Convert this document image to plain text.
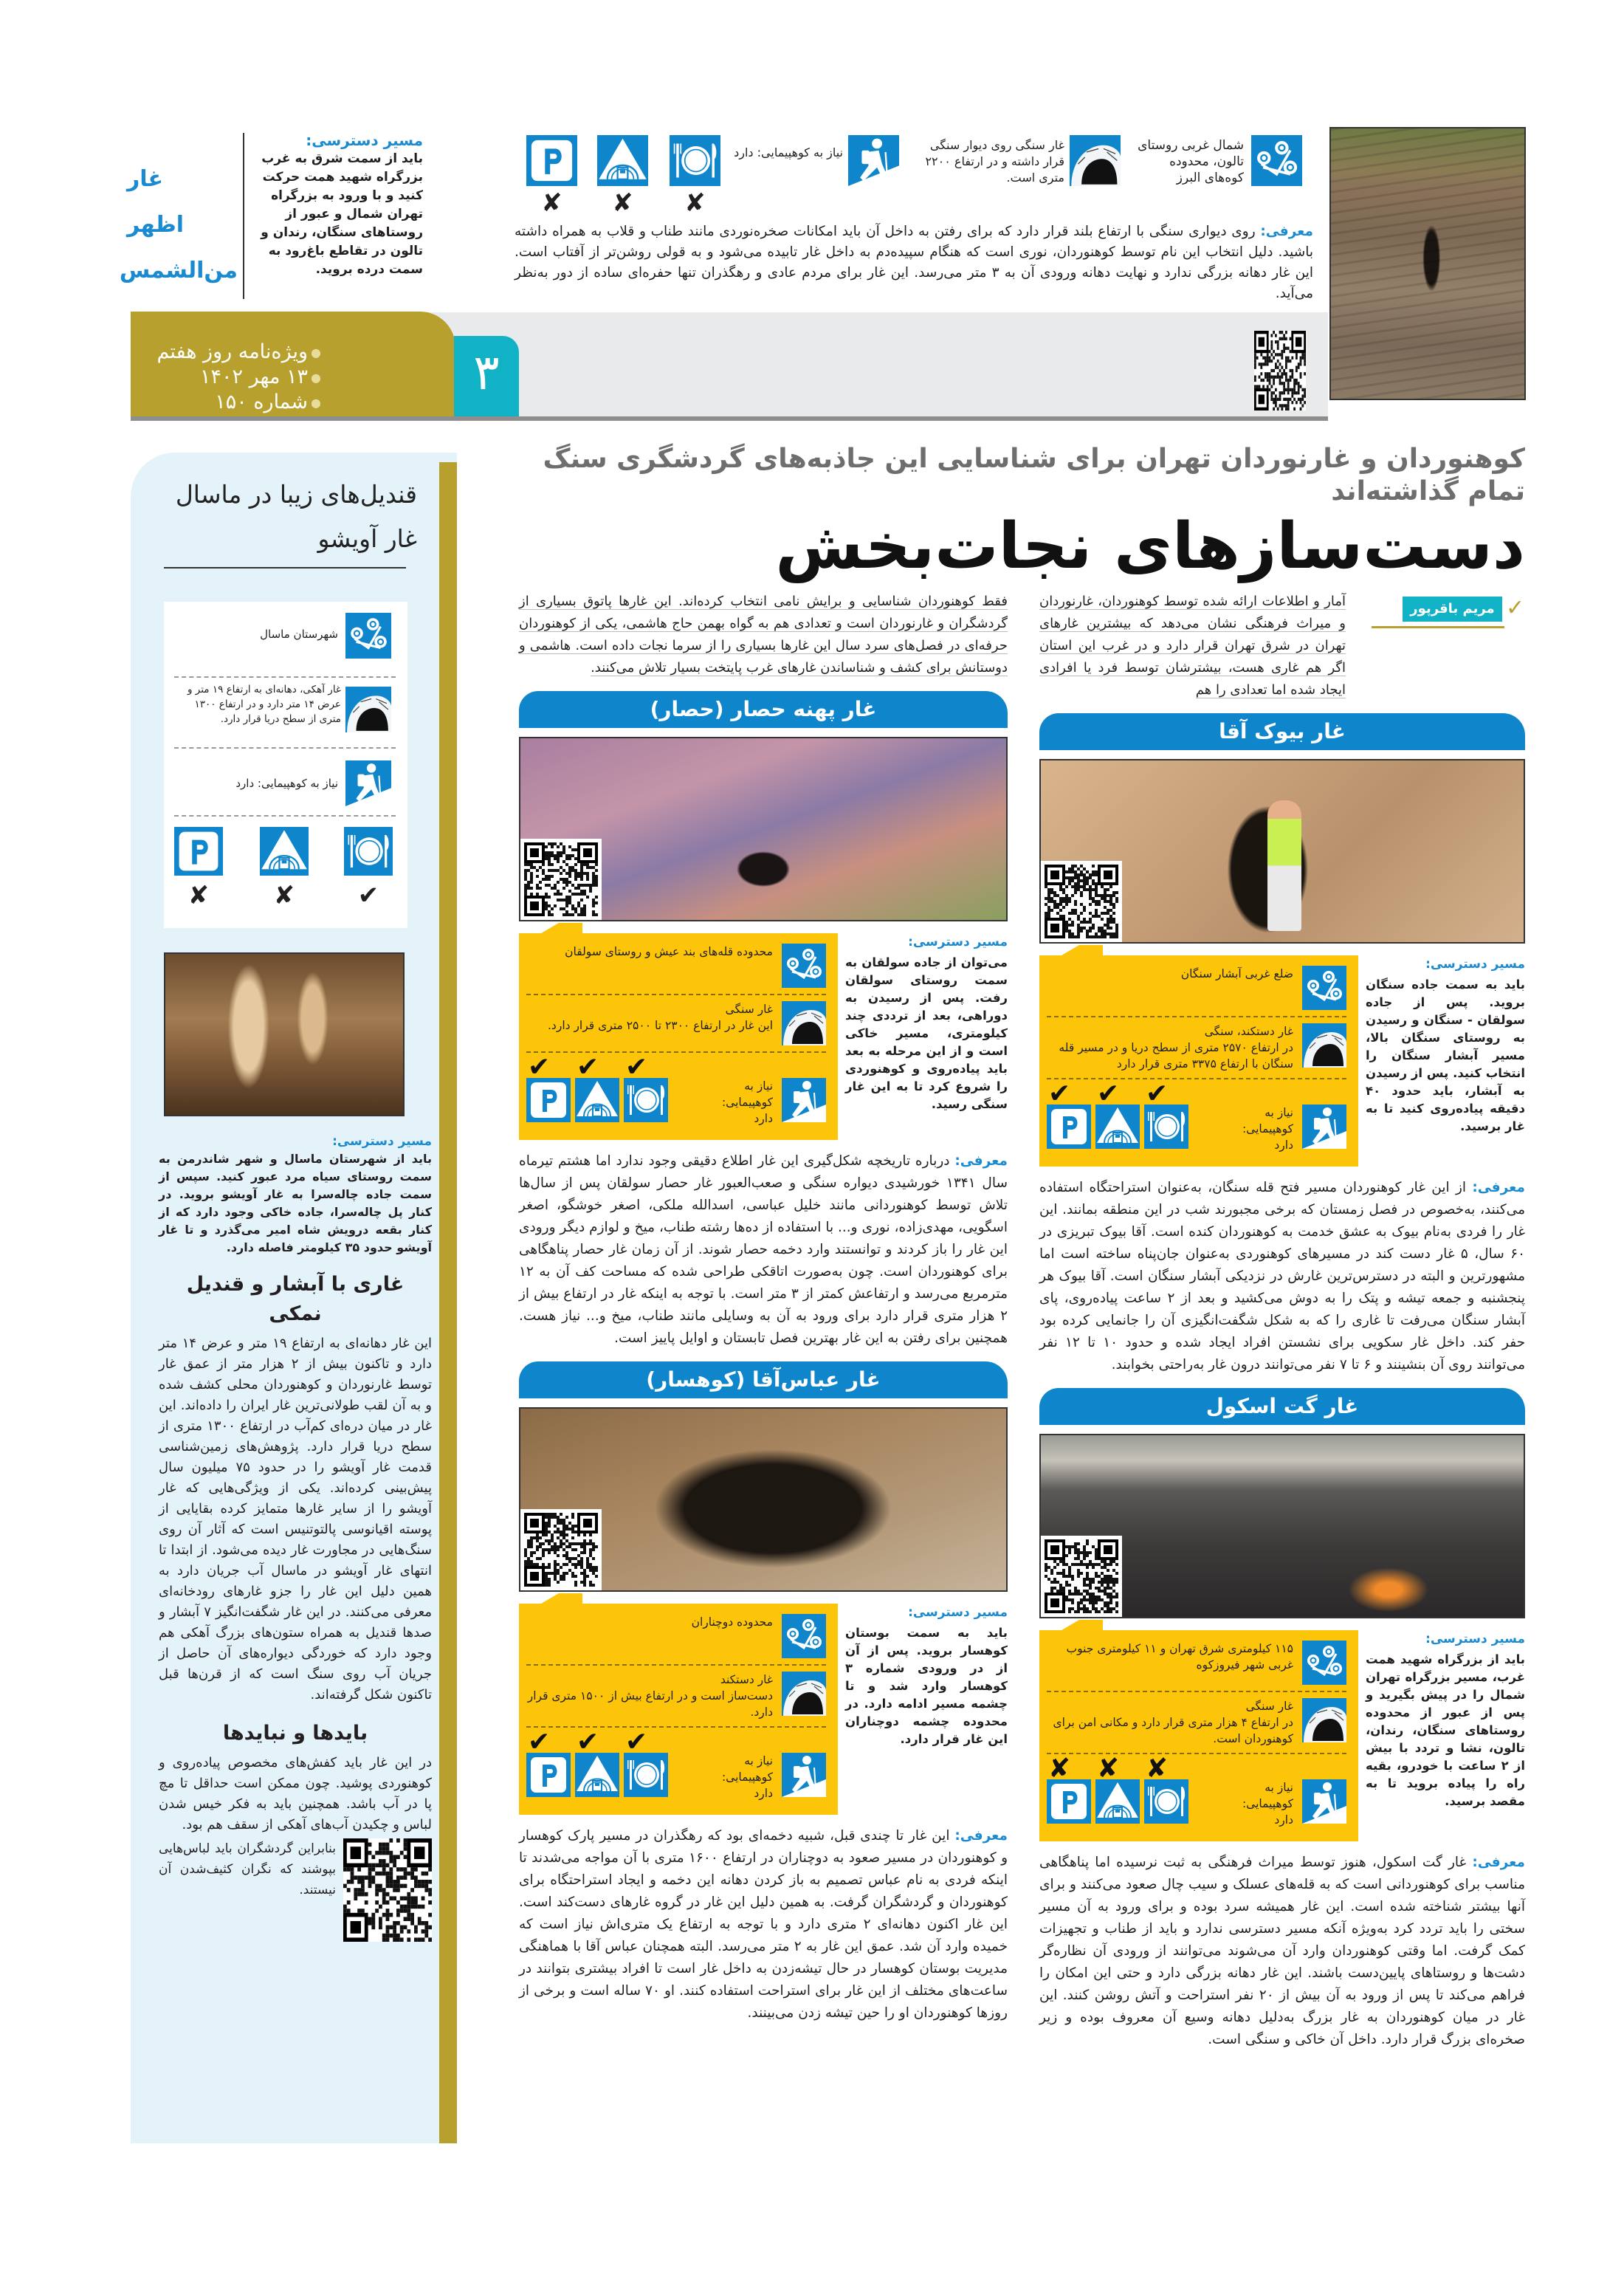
غار
اظهر
من‌الشمس
مسیر دسترسی:
باید از سمت شرق به غرب بزرگراه شهید همت حرکت کنید و با ورود به بزرگراه تهران شمال و عبور از روستاهای سنگان، رندان و تالون در تقاطع باغ‌رود به سمت درده بروید.
✘
✘
✘
نیاز به کوهپیمایی: دارد
غار سنگی روی دیوار سنگی قرار داشته و در ارتفاع ۲۲۰۰ متری است.
شمال غربی روستای تالون، محدوده کوه‌های البرز
معرفی: روی دیواری سنگی با ارتفاع بلند قرار دارد که برای رفتن به داخل آن باید امکانات صخره‌نوردی مانند طناب و قلاب به همراه داشته باشید. دلیل انتخاب این نام توسط کوهنوردان، نوری است که هنگام سپیده‌دم به داخل غار تابیده می‌شود و به قولی روشن‌تر از آفتاب است. این غار دهانه بزرگی ندارد و نهایت دهانه ورودی آن به ۳ متر می‌رسد. این غار برای مردم عادی و رهگذران تنها حفره‌ای ساده از دور به‌نظر می‌آید.
● ویژه‌نامه روز هفتم
● ۱۳ مهر ۱۴۰۲
● شماره ۱۵۰
۳
کوهنوردان و غارنوردان تهران برای شناسایی این جاذبه‌های گردشگری سنگ تمام گذاشته‌اند
دست‌سازهای نجات‌بخش
مریم باقرپور ✓
آمار و اطلاعات ارائه شده توسط کوهنوردان، غارنوردان و میراث فرهنگی نشان می‌دهد که بیشترین غارهای تهران در شرق تهران قرار دارد و در غرب این استان اگر هم غاری هست، بیشترشان توسط فرد یا افرادی ایجاد شده اما تعدادی را هم
غار بیوک آقا
مسیر دسترسی:
باید به سمت جاده سنگان بروید. پس از جاده سولقان - سنگان و رسیدن به روستای سنگان بالا، مسیر آبشار سنگان را انتخاب کنید. پس از رسیدن به آبشار، باید حدود ۴۰ دقیقه پیاده‌روی کنید تا به غار برسید.
ضلع غربی آبشار سنگان
غار دستکند، سنگی
در ارتفاع ۲۵۷۰ متری از سطح دریا و در مسیر قله سنگان با ارتفاع ۳۳۷۵ متری قرار دارد
نیاز به کوهپیمایی: دارد
✔
✔
✔
معرفی: از این غار کوهنوردان مسیر فتح قله سنگان، به‌عنوان استراحتگاه استفاده می‌کنند، به‌خصوص در فصل زمستان که برخی مجبورند شب در این منطقه بمانند. این غار را فردی به‌نام بیوک به عشق خدمت به کوهنوردان کنده است. آقا بیوک تبریزی در ۶۰ سال، ۵ غار دست کند در مسیرهای کوهنوردی به‌عنوان جان‌پناه ساخته است اما مشهورترین و البته در دسترس‌ترین غارش در نزدیکی آبشار سنگان است. آقا بیوک هر پنجشنبه و جمعه تیشه و پتک را به دوش می‌کشید و بعد از ۲ ساعت پیاده‌روی، پای آبشار سنگان می‌رفت تا غاری را که به شکل شگفت‌انگیزی آن را جانمایی کرده بود حفر کند. داخل غار سکویی برای نشستن افراد ایجاد شده و حدود ۱۰ تا ۱۲ نفر می‌توانند روی آن بنشینند و ۶ تا ۷ نفر می‌توانند درون غار به‌راحتی بخوابند.
غار گت اسکول
مسیر دسترسی:
باید از بزرگراه شهید همت غرب، مسیر بزرگراه تهران شمال را در پیش بگیرید و پس از عبور از محدوده روستاهای سنگان، رندان، تالون، نشا و تردد با بیش از ۲ ساعت با خودرو، بقیه راه را پیاده بروید تا به مقصد برسید.
۱۱۵ کیلومتری شرق تهران و ۱۱ کیلومتری جنوب غربی شهر فیروزکوه
غار سنگی
در ارتفاع ۴ هزار متری قرار دارد و مکانی امن برای کوهنوردان است.
نیاز به کوهپیمایی: دارد
✘
✘
✘
معرفی: غار گت اسکول، هنوز توسط میراث فرهنگی به ثبت نرسیده اما پناهگاهی مناسب برای کوهنوردانی است که به قله‌های عسلک و سیب چال صعود می‌کنند و برای آنها بیشتر شناخته شده است. این غار همیشه سرد بوده و برای ورود به آن مسیر سختی را باید تردد کرد به‌ویژه آنکه مسیر دسترسی ندارد و باید از طناب و تجهیزات کمک گرفت. اما وقتی کوهنوردان وارد آن می‌شوند می‌توانند از ورودی آن نظاره‌گر دشت‌ها و روستاهای پایین‌دست باشند. این غار دهانه بزرگی دارد و حتی این امکان را فراهم می‌کند تا پس از ورود به آن بیش از ۲۰ نفر استراحت و آتش روشن کنند. این غار در میان کوهنوردان به غار بزرگ به‌دلیل دهانه وسیع آن معروف بوده و زیر صخره‌ای بزرگ قرار دارد. داخل آن خاکی و سنگی است.
فقط کوهنوردان شناسایی و برایش نامی انتخاب کرده‌اند. این غارها پاتوق بسیاری از گردشگران و غارنوردان است و تعدادی هم به گواه بهمن حاج هاشمی، یکی از کوهنوردان حرفه‌ای در فصل‌های سرد سال این غارها بسیاری را از سرما نجات داده است. هاشمی و دوستانش برای کشف و شناساندن غارهای غرب پایتخت بسیار تلاش می‌کنند.
غار پهنه حصار (حصار)
مسیر دسترسی:
می‌توان از جاده سولقان به سمت روستای سولقان رفت. پس از رسیدن به دوراهی، بعد از ترددی چند کیلومتری، مسیر خاکی است و از این مرحله به بعد باید پیاده‌روی و کوهنوردی را شروع کرد تا به این غار سنگی رسید.
محدوده قله‌های بند عیش و روستای سولقان
غار سنگی
این غار در ارتفاع ۲۳۰۰ تا ۲۵۰۰ متری قرار دارد.
نیاز به کوهپیمایی: دارد
✔
✔
✔
معرفی: درباره تاریخچه شکل‌گیری این غار اطلاع دقیقی وجود ندارد اما هشتم تیرماه سال ۱۳۴۱ خورشیدی دیواره سنگی و صعب‌العبور غار حصار سولقان پس از سال‌ها تلاش توسط کوهنوردانی مانند خلیل عباسی، اسدالله ملکی، اصغر خوشگو، اصغر اسگویی، مهدی‌زاده، نوری و... با استفاده از ده‌ها رشته طناب، میخ و لوازم دیگر ورودی این غار را باز کردند و توانستند وارد دخمه حصار شوند. از آن زمان غار حصار پناهگاهی برای کوهنوردان است. چون به‌صورت اتاقکی طراحی شده که مساحت کف آن به ۱۲ مترمربع می‌رسد و ارتفاعش کمتر از ۳ متر است. با توجه به اینکه غار در ارتفاع بیش از ۲ هزار متری قرار دارد برای ورود به آن به وسایلی مانند طناب، میخ و... نیاز هست. همچنین برای رفتن به این غار بهترین فصل تابستان و اوایل پاییز است.
غار عباس‌آقا (کوهسار)
مسیر دسترسی:
باید به سمت بوستان کوهسار بروید. پس از آن از در ورودی شماره ۳ کوهسار وارد شد و تا چشمه مسیر ادامه دارد. در محدوده چشمه دوچناران این غار قرار دارد.
محدوده دوچناران
غار دستکند
دست‌ساز است و در ارتفاع بیش از ۱۵۰۰ متری قرار دارد.
نیاز به کوهپیمایی: دارد
✔
✔
✔
معرفی: این غار تا چندی قبل، شبیه دخمه‌ای بود که رهگذران در مسیر پارک کوهسار و کوهنوردان در مسیر صعود به دوچناران در ارتفاع ۱۶۰۰ متری با آن مواجه می‌شدند تا اینکه فردی به نام عباس تصمیم به باز کردن دهانه این دخمه و ایجاد استراحتگاه برای کوهنوردان و گردشگران گرفت. به همین دلیل این غار در گروه غارهای دست‌کند است. این غار اکنون دهانه‌ای ۲ متری دارد و با توجه به ارتفاع یک متری‌اش نیاز است که خمیده وارد آن شد. عمق این غار به ۲ متر می‌رسد. البته همچنان عباس آقا با هماهنگی مدیریت بوستان کوهسار در حال تیشه‌زدن به داخل غار است تا افراد بیشتری بتوانند در ساعت‌های مختلف از این غار برای استراحت استفاده کنند. او ۷۰ ساله است و برخی از روزها کوهنوردان او را حین تیشه زدن می‌بینند.
قندیل‌های زیبا در ماسال
غار آویشو
شهرستان ماسال
غار آهکی، دهانه‌ای به ارتفاع ۱۹ متر و عرض ۱۴ متر دارد و در ارتفاع ۱۳۰۰ متری از سطح دریا قرار دارد.
نیاز به کوهپیمایی: دارد
✔
✘
✘
مسیر دسترسی:
باید از شهرستان ماسال و شهر شاندرمن به سمت روستای سیاه مرد عبور کنید. سپس از سمت جاده چاله‌سرا به غار آویشو بروید. در کنار پل چاله‌سرا، جاده خاکی وجود دارد که از کنار بقعه درویش شاه امیر می‌گذرد و تا غار آویشو حدود ۳۵ کیلومتر فاصله دارد.
غاری با آبشار و قندیل نمکی
این غار دهانه‌ای به ارتفاع ۱۹ متر و عرض ۱۴ متر دارد و تاکنون بیش از ۲ هزار متر از عمق غار توسط غارنوردان و کوهنوردان محلی کشف شده و به آن لقب طولانی‌ترین غار ایران را داده‌اند. این غار در میان دره‌ای کم‌آب در ارتفاع ۱۳۰۰ متری از سطح دریا قرار دارد. پژوهش‌های زمین‌شناسی قدمت غار آویشو را در حدود ۷۵ میلیون سال پیش‌بینی کرده‌اند. یکی از ویژگی‌هایی که غار آویشو را از سایر غارها متمایز کرده بقایایی از پوسته اقیانوسی پالتوتنیس است که آثار آن روی سنگ‌هایی در مجاورت غار دیده می‌شود. از ابتدا تا انتهای غار آویشو در ماسال آب جریان دارد به همین دلیل این غار را جزو غارهای رودخانه‌ای معرفی می‌کنند. در این غار شگفت‌انگیز ۷ آبشار و صدها قندیل به همراه ستون‌های بزرگ آهکی هم وجود دارد که خوردگی دیواره‌های آن حاصل از جریان آب روی سنگ است که از قرن‌ها قبل تاکنون شکل گرفته‌اند.
بایدها و نبایدها
در این غار باید کفش‌های مخصوص پیاده‌روی و کوهنوردی پوشید. چون ممکن است حداقل تا مچ پا در آب باشد. همچنین باید به فکر خیس شدن لباس و چکیدن آب‌های آهکی از سقف هم بود.
بنابراین گردشگران باید لباس‌هایی بپوشند که نگران کثیف‌شدن آن نیستند.
